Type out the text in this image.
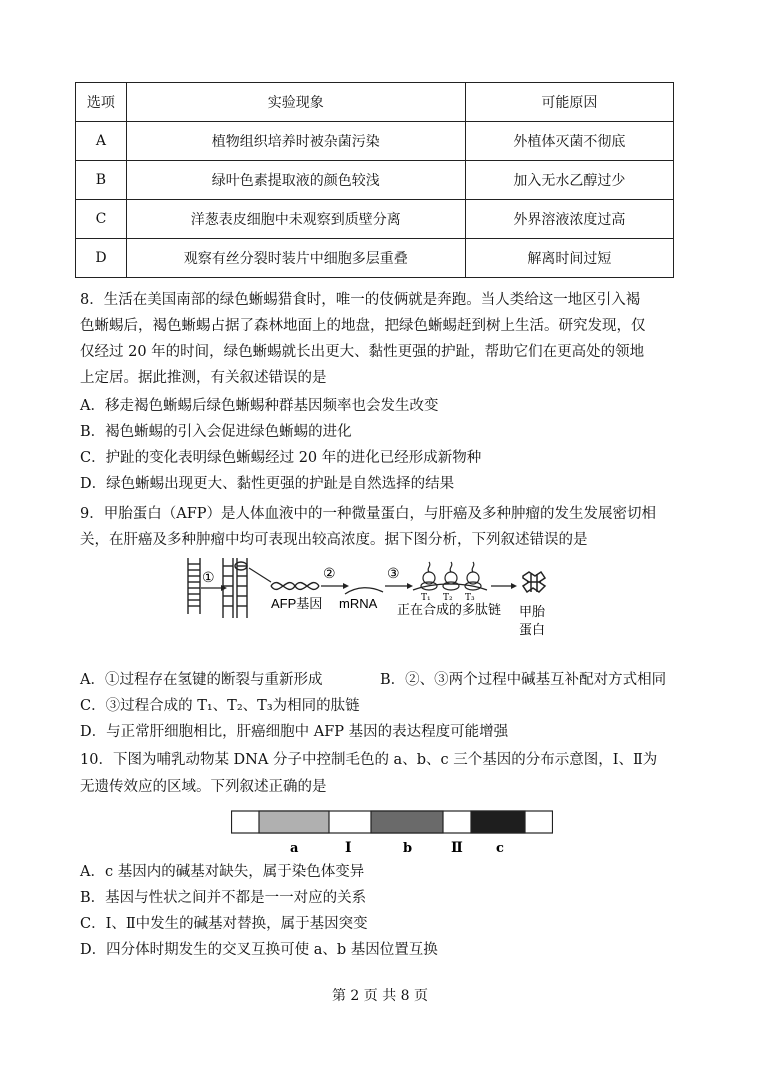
选项	实验现象	可能原因
A	植物组织培养时被杂菌污染	外植体灭菌不彻底
B	绿叶色素提取液的颜色较浅	加入无水乙醇过少
C	洋葱表皮细胞中未观察到质壁分离	外界溶液浓度过高
D	观察有丝分裂时装片中细胞多层重叠	解离时间过短
8．生活在美国南部的绿色蜥蜴猎食时，唯一的伎俩就是奔跑。当人类给这一地区引入褐
色蜥蜴后，褐色蜥蜴占据了森林地面上的地盘，把绿色蜥蜴赶到树上生活。研究发现，仅
仅经过 20 年的时间，绿色蜥蜴就长出更大、黏性更强的护趾，帮助它们在更高处的领地
上定居。据此推测，有关叙述错误的是
A．移走褐色蜥蜴后绿色蜥蜴种群基因频率也会发生改变
B．褐色蜥蜴的引入会促进绿色蜥蜴的进化
C．护趾的变化表明绿色蜥蜴经过 20 年的进化已经形成新物种
D．绿色蜥蜴出现更大、黏性更强的护趾是自然选择的结果
9．甲胎蛋白（AFP）是人体血液中的一种微量蛋白，与肝癌及多种肿瘤的发生发展密切相
关，在肝癌及多种肿瘤中均可表现出较高浓度。据下图分析，下列叙述错误的是
①
AFP基因
②
mRNA
③
T₁ T₂ T₃
正在合成的多肽链 甲胎
蛋白
A．①过程存在氢键的断裂与重新形成	B．②、③两个过程中碱基互补配对方式相同
C．③过程合成的 T₁、T₂、T₃为相同的肽链
D．与正常肝细胞相比，肝癌细胞中 AFP 基因的表达程度可能增强
10．下图为哺乳动物某 DNA 分子中控制毛色的 a、b、c 三个基因的分布示意图，Ⅰ、Ⅱ为
无遗传效应的区域。下列叙述正确的是
a	Ⅰ	b	Ⅱ	c
A．c 基因内的碱基对缺失，属于染色体变异
B．基因与性状之间并不都是一一对应的关系
C．Ⅰ、Ⅱ中发生的碱基对替换，属于基因突变
D．四分体时期发生的交叉互换可使 a、b 基因位置互换
第 2 页 共 8 页
